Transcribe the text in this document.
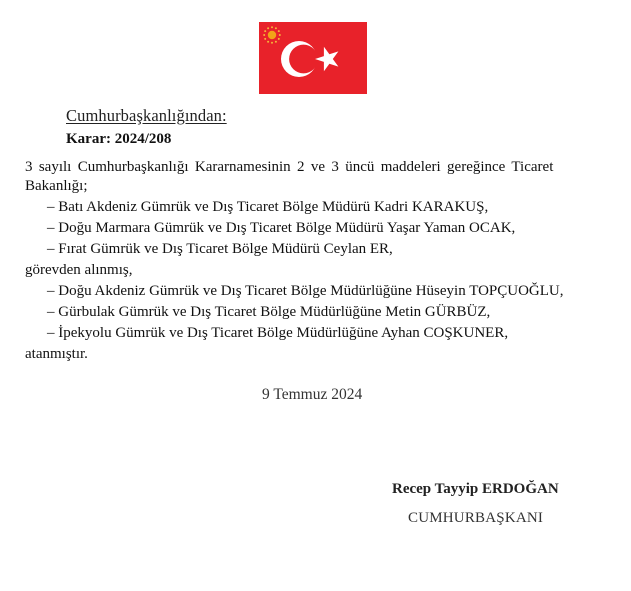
Cumhurbaşkanlığından:
Karar: 2024/208
3 sayılı Cumhurbaşkanlığı Kararnamesinin 2 ve 3 üncü maddeleri gereğince Ticaret
Bakanlığı;
– Batı Akdeniz Gümrük ve Dış Ticaret Bölge Müdürü Kadri KARAKUŞ,
– Doğu Marmara Gümrük ve Dış Ticaret Bölge Müdürü Yaşar Yaman OCAK,
– Fırat Gümrük ve Dış Ticaret Bölge Müdürü Ceylan ER,
görevden alınmış,
– Doğu Akdeniz Gümrük ve Dış Ticaret Bölge Müdürlüğüne Hüseyin TOPÇUOĞLU,
– Gürbulak Gümrük ve Dış Ticaret Bölge Müdürlüğüne Metin GÜRBÜZ,
– İpekyolu Gümrük ve Dış Ticaret Bölge Müdürlüğüne Ayhan COŞKUNER,
atanmıştır.
9 Temmuz 2024
Recep Tayyip ERDOĞAN
CUMHURBAŞKANI
